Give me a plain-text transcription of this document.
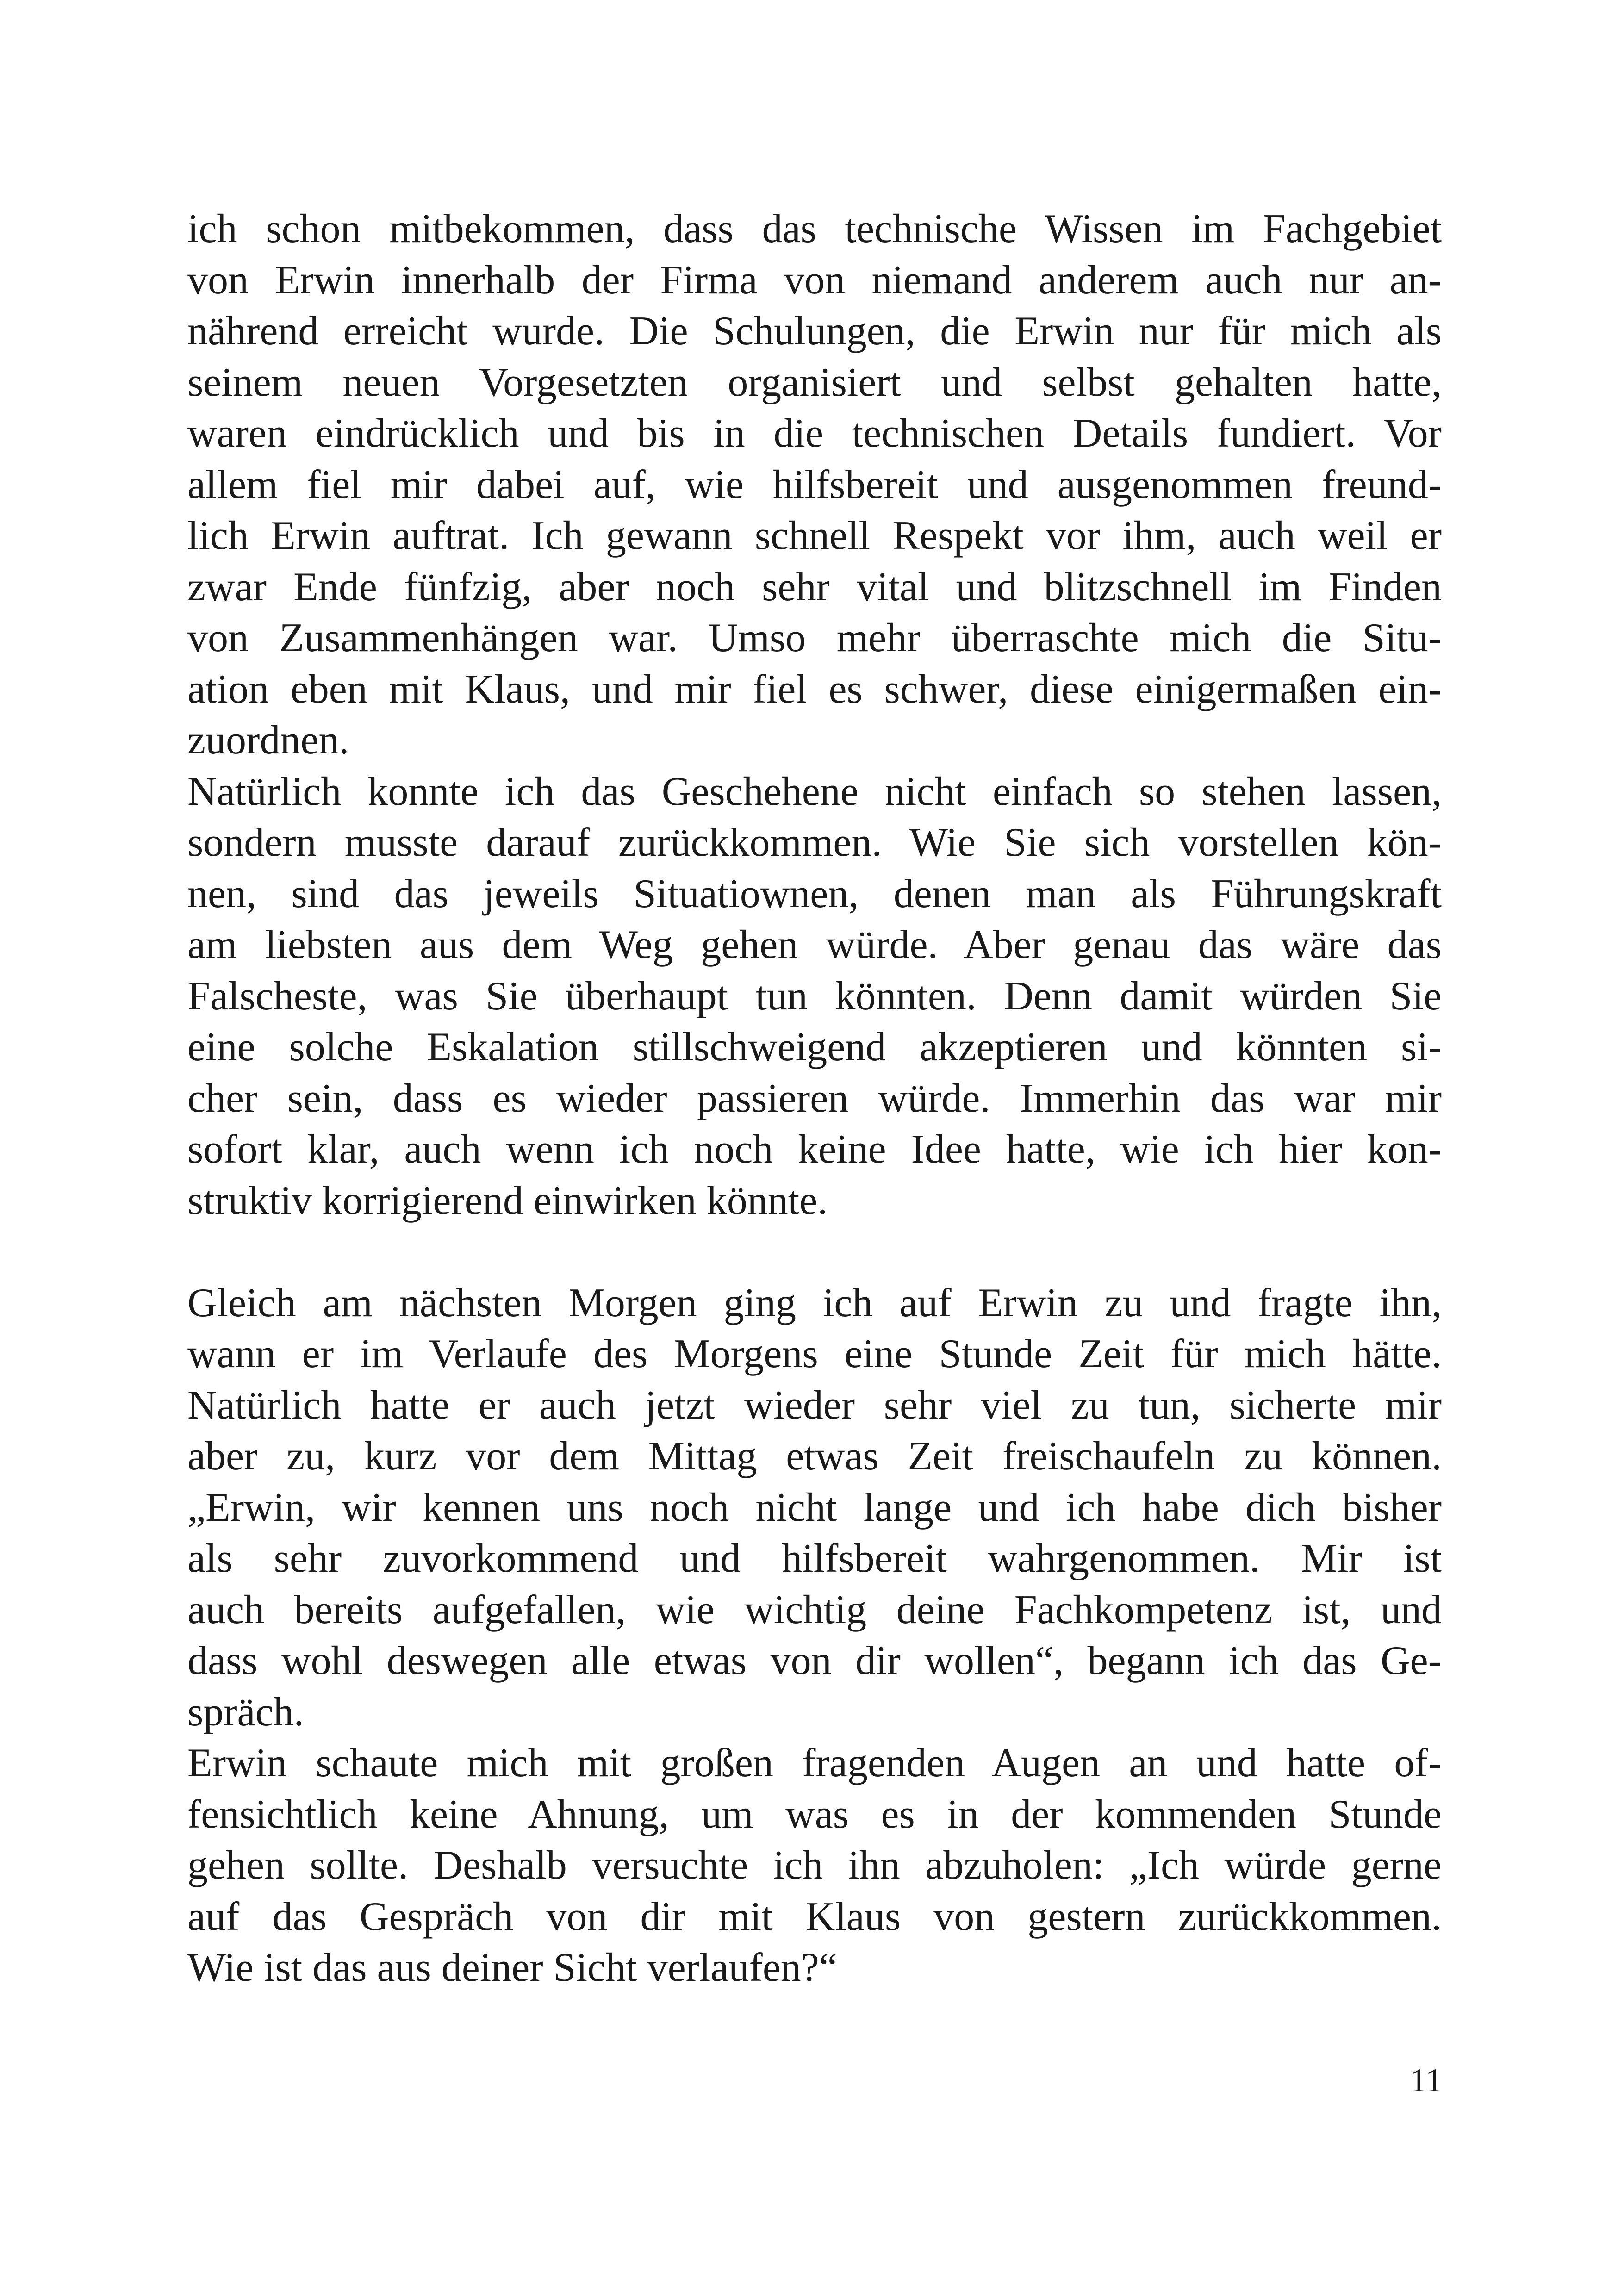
ich schon mitbekommen, dass das technische Wissen im Fachgebiet
von Erwin innerhalb der Firma von niemand anderem auch nur an-
nährend erreicht wurde. Die Schulungen, die Erwin nur für mich als
seinem neuen Vorgesetzten organisiert und selbst gehalten hatte,
waren eindrücklich und bis in die technischen Details fundiert. Vor
allem fiel mir dabei auf, wie hilfsbereit und ausgenommen freund-
lich Erwin auftrat. Ich gewann schnell Respekt vor ihm, auch weil er
zwar Ende fünfzig, aber noch sehr vital und blitzschnell im Finden
von Zusammenhängen war. Umso mehr überraschte mich die Situ-
ation eben mit Klaus, und mir fiel es schwer, diese einigermaßen ein-
zuordnen.
Natürlich konnte ich das Geschehene nicht einfach so stehen lassen,
sondern musste darauf zurückkommen. Wie Sie sich vorstellen kön-
nen, sind das jeweils Situatiownen, denen man als Führungskraft
am liebsten aus dem Weg gehen würde. Aber genau das wäre das
Falscheste, was Sie überhaupt tun könnten. Denn damit würden Sie
eine solche Eskalation stillschweigend akzeptieren und könnten si-
cher sein, dass es wieder passieren würde. Immerhin das war mir
sofort klar, auch wenn ich noch keine Idee hatte, wie ich hier kon-
struktiv korrigierend einwirken könnte.
Gleich am nächsten Morgen ging ich auf Erwin zu und fragte ihn,
wann er im Verlaufe des Morgens eine Stunde Zeit für mich hätte.
Natürlich hatte er auch jetzt wieder sehr viel zu tun, sicherte mir
aber zu, kurz vor dem Mittag etwas Zeit freischaufeln zu können.
„Erwin, wir kennen uns noch nicht lange und ich habe dich bisher
als sehr zuvorkommend und hilfsbereit wahrgenommen. Mir ist
auch bereits aufgefallen, wie wichtig deine Fachkompetenz ist, und
dass wohl deswegen alle etwas von dir wollen“, begann ich das Ge-
spräch.
Erwin schaute mich mit großen fragenden Augen an und hatte of-
fensichtlich keine Ahnung, um was es in der kommenden Stunde
gehen sollte. Deshalb versuchte ich ihn abzuholen: „Ich würde gerne
auf das Gespräch von dir mit Klaus von gestern zurückkommen.
Wie ist das aus deiner Sicht verlaufen?“
11
